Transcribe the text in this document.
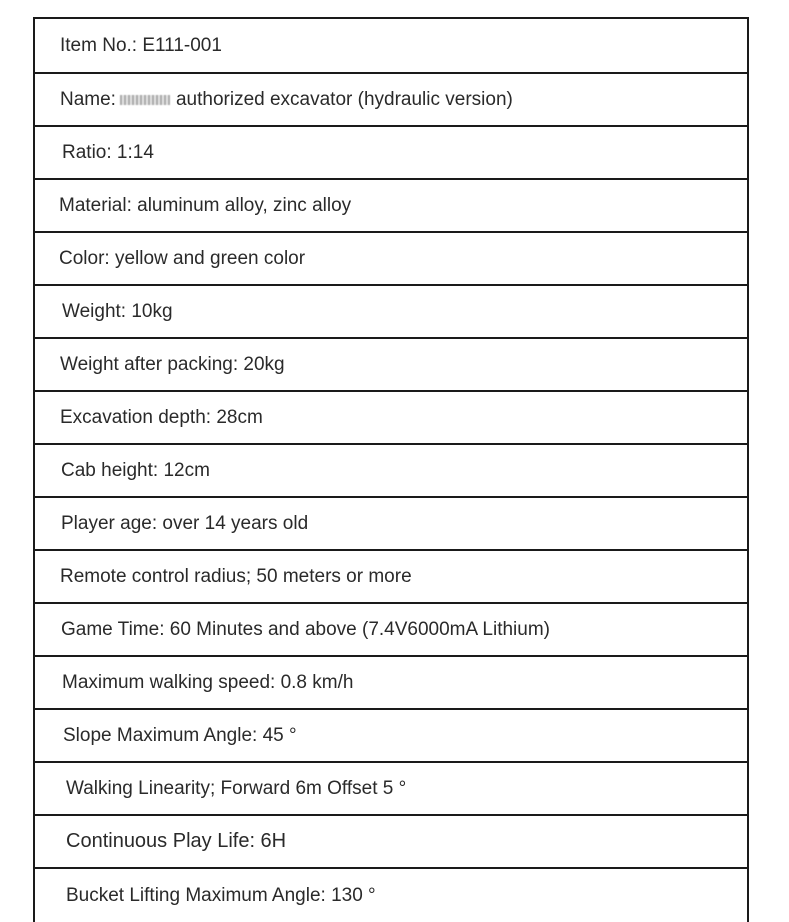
Item No.: E111-001
Name:	authorized excavator (hydraulic version)
Ratio: 1:14
Material: aluminum alloy, zinc alloy
Color: yellow and green color
Weight: 10kg
Weight after packing: 20kg
Excavation depth: 28cm
Cab height: 12cm
Player age: over 14 years old
Remote control radius; 50 meters or more
Game Time: 60 Minutes and above (7.4V6000mA Lithium)
Maximum walking speed: 0.8 km/h
Slope Maximum Angle: 45 °
Walking Linearity; Forward 6m Offset 5 °
Continuous Play Life: 6H
Bucket Lifting Maximum Angle: 130 °
